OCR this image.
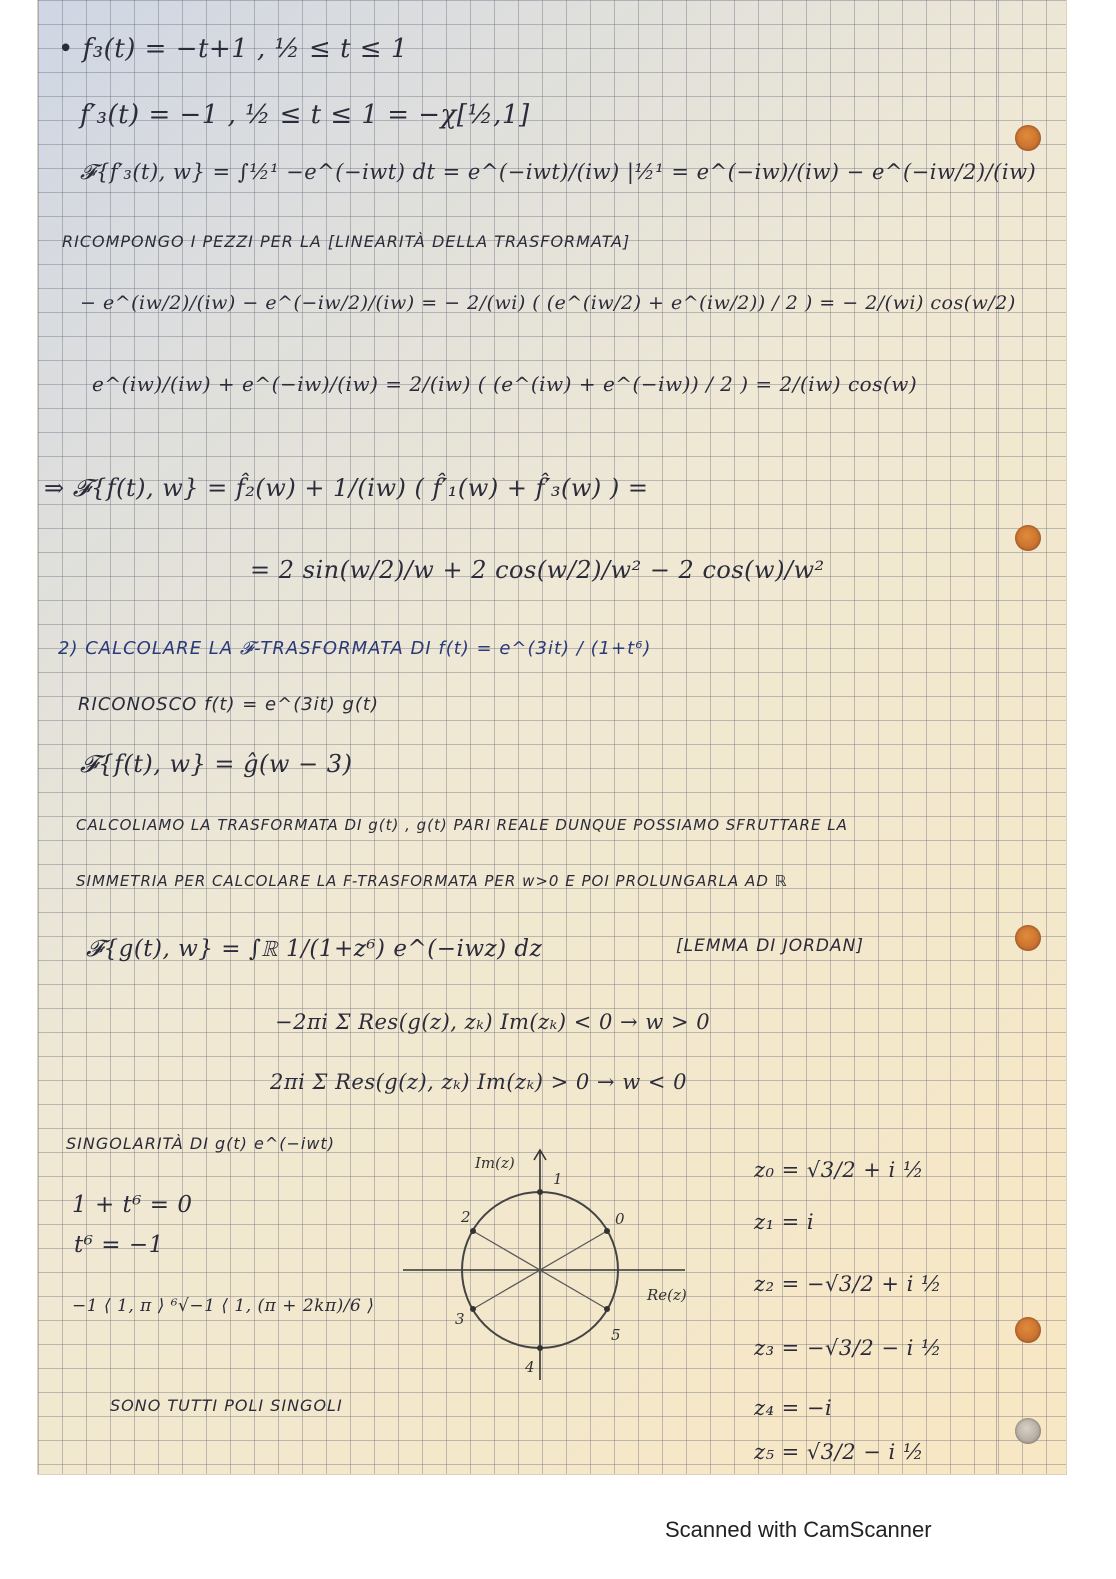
• f₃(t) = −t+1 , ½ ≤ t ≤ 1
f′₃(t) = −1 , ½ ≤ t ≤ 1 = −χ[½,1]
𝓕{f′₃(t), w} = ∫½¹ −e^(−iwt) dt = e^(−iwt)/(iw) |½¹ = e^(−iw)/(iw) − e^(−iw/2)/(iw)
RICOMPONGO I PEZZI PER LA [LINEARITÀ DELLA TRASFORMATA]
− e^(iw/2)/(iw) − e^(−iw/2)/(iw) = − 2/(wi) ( (e^(iw/2) + e^(iw/2)) / 2 ) = − 2/(wi) cos(w/2)
e^(iw)/(iw) + e^(−iw)/(iw) = 2/(iw) ( (e^(iw) + e^(−iw)) / 2 ) = 2/(iw) cos(w)
⇒ 𝓕{f(t), w} = f̂₂(w) + 1/(iw) ( f̂′₁(w) + f̂′₃(w) ) =
= 2 sin(w/2)/w + 2 cos(w/2)/w² − 2 cos(w)/w²
2) CALCOLARE LA 𝓕-TRASFORMATA DI f(t) = e^(3it) / (1+t⁶)
RICONOSCO f(t) = e^(3it) g(t)
𝓕{f(t), w} = ĝ(w − 3)
CALCOLIAMO LA TRASFORMATA DI g(t) , g(t) PARI REALE DUNQUE POSSIAMO SFRUTTARE LA
SIMMETRIA PER CALCOLARE LA F-TRASFORMATA PER w>0 E POI PROLUNGARLA AD ℝ
𝓕{g(t), w} = ∫ℝ 1/(1+z⁶) e^(−iwz) dz	[LEMMA DI JORDAN]
−2πi Σ Res(g(z), zₖ) Im(zₖ) < 0 → w > 0
2πi Σ Res(g(z), zₖ) Im(zₖ) > 0 → w < 0
SINGOLARITÀ DI g(t) e^(−iwt)
1 + t⁶ = 0
t⁶ = −1
−1 ⟨ 1, π ⟩ ⁶√−1 ⟨ 1, (π + 2kπ)/6 ⟩
SONO TUTTI POLI SINGOLI
z₀ = √3/2 + i ½
z₁ = i
z₂ = −√3/2 + i ½
z₃ = −√3/2 − i ½
z₄ = −i
z₅ = √3/2 − i ½
0
1
2
3
4
5
Im(z)
Re(z)
Scanned with CamScanner
